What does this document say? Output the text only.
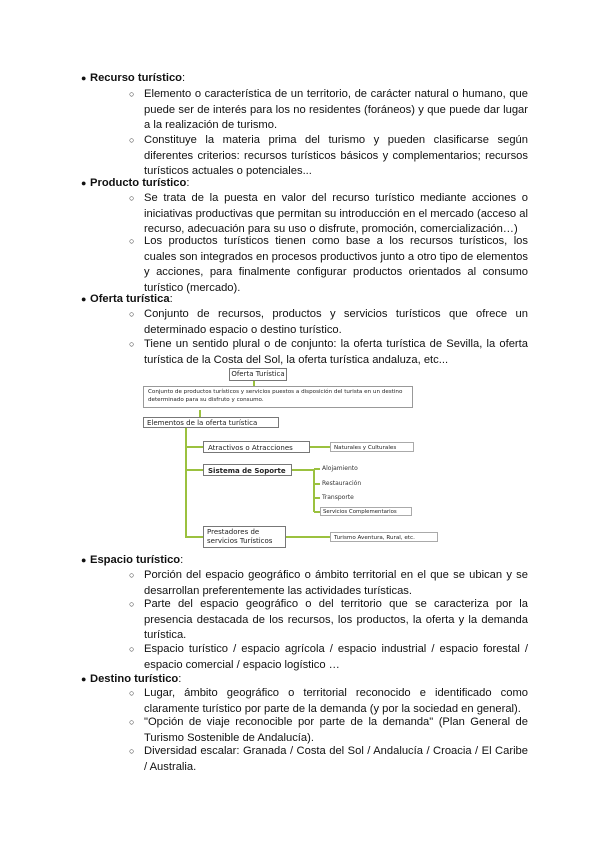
● Recurso turístico:
○ Elemento o característica de un territorio, de carácter natural o humano, que puede ser de interés para los no residentes (foráneos) y que puede dar lugar a la realización de turismo.
○ Constituye la materia prima del turismo y pueden clasificarse según diferentes criterios: recursos turísticos básicos y complementarios; recursos turísticos actuales o potenciales...
● Producto turístico:
○ Se trata de la puesta en valor del recurso turístico mediante acciones o iniciativas productivas que permitan su introducción en el mercado (acceso al recurso, adecuación para su uso o disfrute, promoción, comercialización…)
○ Los productos turísticos tienen como base a los recursos turísticos, los cuales son integrados en procesos productivos junto a otro tipo de elementos y acciones, para finalmente configurar productos orientados al consumo turístico (mercado).
● Oferta turística:
○ Conjunto de recursos, productos y servicios turísticos que ofrece un determinado espacio o destino turístico.
○ Tiene un sentido plural o de conjunto: la oferta turística de Sevilla, la oferta turística de la Costa del Sol, la oferta turística andaluza, etc...
Oferta Turística
Conjunto de productos turísticos y servicios puestos a disposición del turista en un destino determinado para su disfruto y consumo.
Elementos de la oferta turística
Atractivos o Atracciones	Naturales y Culturales
Sistema de Soporte	Alojamiento
Restauración
Transporte
Servicios Complementarios
Prestadores de servicios Turísticos	Turismo Aventura, Rural, etc.
● Espacio turístico:
○ Porción del espacio geográfico o ámbito territorial en el que se ubican y se desarrollan preferentemente las actividades turísticas.
○ Parte del espacio geográfico o del territorio que se caracteriza por la presencia destacada de los recursos, los productos, la oferta y la demanda turística.
○ Espacio turístico / espacio agrícola / espacio industrial / espacio forestal / espacio comercial / espacio logístico …
● Destino turístico:
○ Lugar, ámbito geográfico o territorial reconocido e identificado como claramente turístico por parte de la demanda (y por la sociedad en general).
○ "Opción de viaje reconocible por parte de la demanda" (Plan General de Turismo Sostenible de Andalucía).
○ Diversidad escalar: Granada / Costa del Sol / Andalucía / Croacia / El Caribe / Australia.
